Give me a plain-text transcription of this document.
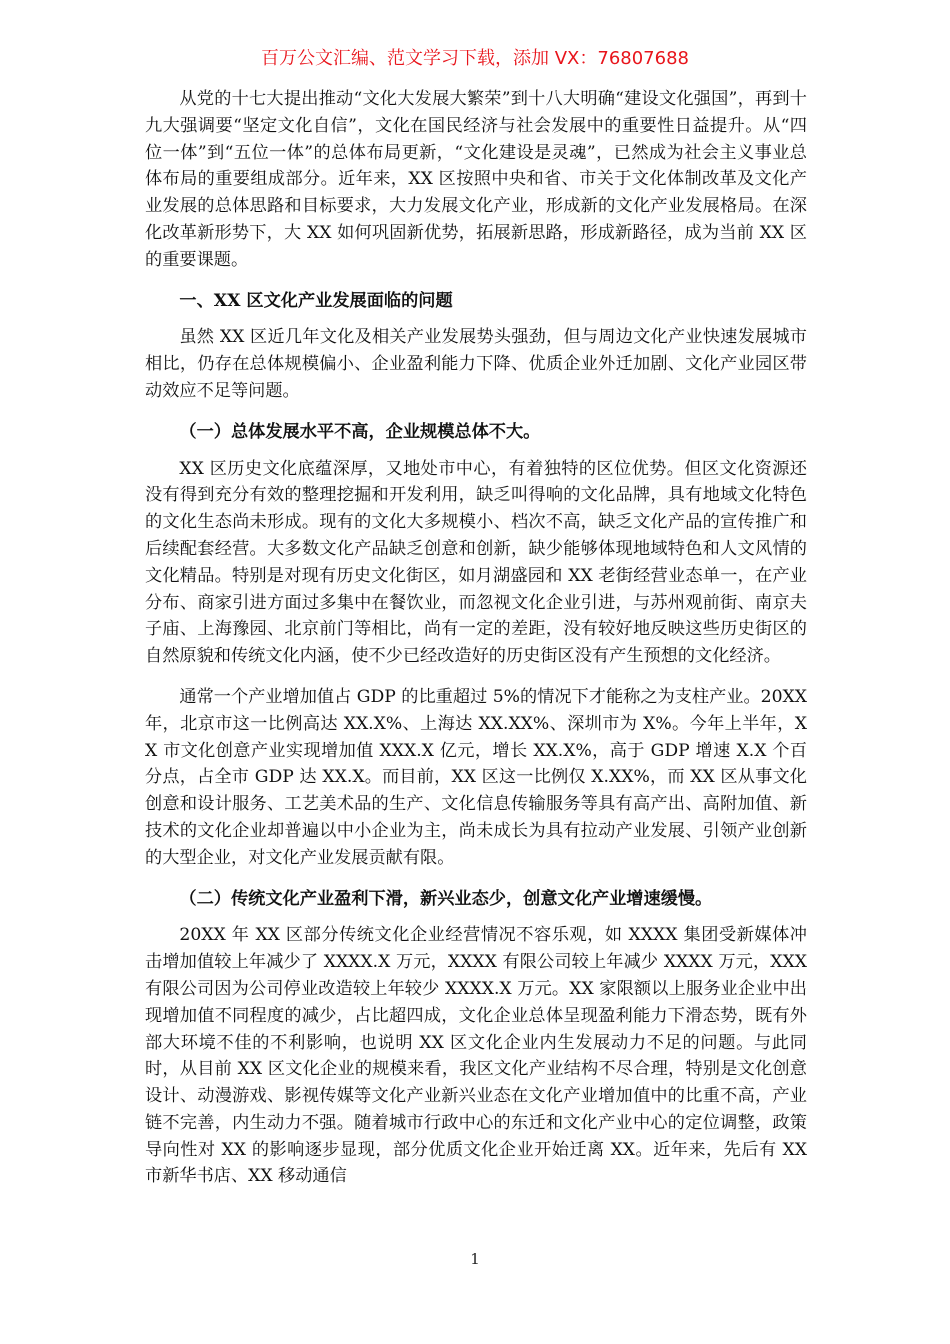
百万公文汇编、范文学习下载，添加 VX：76807688

从党的十七大提出推动“文化大发展大繁荣”到十八大明确“建设文化强国”，再到十九大强调要“坚定文化自信”，文化在国民经济与社会发展中的重要性日益提升。从“四位一体”到“五位一体”的总体布局更新，“文化建设是灵魂”，已然成为社会主义事业总体布局的重要组成部分。近年来，XX 区按照中央和省、市关于文化体制改革及文化产业发展的总体思路和目标要求，大力发展文化产业，形成新的文化产业发展格局。在深化改革新形势下，大 XX 如何巩固新优势，拓展新思路，形成新路径，成为当前 XX 区的重要课题。

一、XX 区文化产业发展面临的问题

虽然 XX 区近几年文化及相关产业发展势头强劲，但与周边文化产业快速发展城市相比，仍存在总体规模偏小、企业盈利能力下降、优质企业外迁加剧、文化产业园区带动效应不足等问题。

（一）总体发展水平不高，企业规模总体不大。

XX 区历史文化底蕴深厚，又地处市中心，有着独特的区位优势。但区文化资源还没有得到充分有效的整理挖掘和开发利用，缺乏叫得响的文化品牌，具有地域文化特色的文化生态尚未形成。现有的文化大多规模小、档次不高，缺乏文化产品的宣传推广和后续配套经营。大多数文化产品缺乏创意和创新，缺少能够体现地域特色和人文风情的文化精品。特别是对现有历史文化街区，如月湖盛园和 XX 老街经营业态单一，在产业分布、商家引进方面过多集中在餐饮业，而忽视文化企业引进，与苏州观前街、南京夫子庙、上海豫园、北京前门等相比，尚有一定的差距，没有较好地反映这些历史街区的自然原貌和传统文化内涵，使不少已经改造好的历史街区没有产生预想的文化经济。

通常一个产业增加值占 GDP 的比重超过 5%的情况下才能称之为支柱产业。20XX 年，北京市这一比例高达 XX.X%、上海达 XX.XX%、深圳市为 X%。今年上半年，XX 市文化创意产业实现增加值 XXX.X 亿元，增长 XX.X%，高于 GDP 增速 X.X 个百分点，占全市 GDP 达 XX.X。而目前，XX 区这一比例仅 X.XX%，而 XX 区从事文化创意和设计服务、工艺美术品的生产、文化信息传输服务等具有高产出、高附加值、新技术的文化企业却普遍以中小企业为主，尚未成长为具有拉动产业发展、引领产业创新的大型企业，对文化产业发展贡献有限。

（二）传统文化产业盈利下滑，新兴业态少，创意文化产业增速缓慢。

20XX 年 XX 区部分传统文化企业经营情况不容乐观，如 XXXX 集团受新媒体冲击增加值较上年减少了 XXXX.X 万元，XXXX 有限公司较上年减少 XXXX 万元，XXX 有限公司因为公司停业改造较上年较少 XXXX.X 万元。XX 家限额以上服务业企业中出现增加值不同程度的减少，占比超四成，文化企业总体呈现盈利能力下滑态势，既有外部大环境不佳的不利影响，也说明 XX 区文化企业内生发展动力不足的问题。与此同时，从目前 XX 区文化企业的规模来看，我区文化产业结构不尽合理，特别是文化创意设计、动漫游戏、影视传媒等文化产业新兴业态在文化产业增加值中的比重不高，产业链不完善，内生动力不强。随着城市行政中心的东迁和文化产业中心的定位调整，政策导向性对 XX 的影响逐步显现，部分优质文化企业开始迁离 XX。近年来，先后有 XX 市新华书店、XX 移动通信

1
